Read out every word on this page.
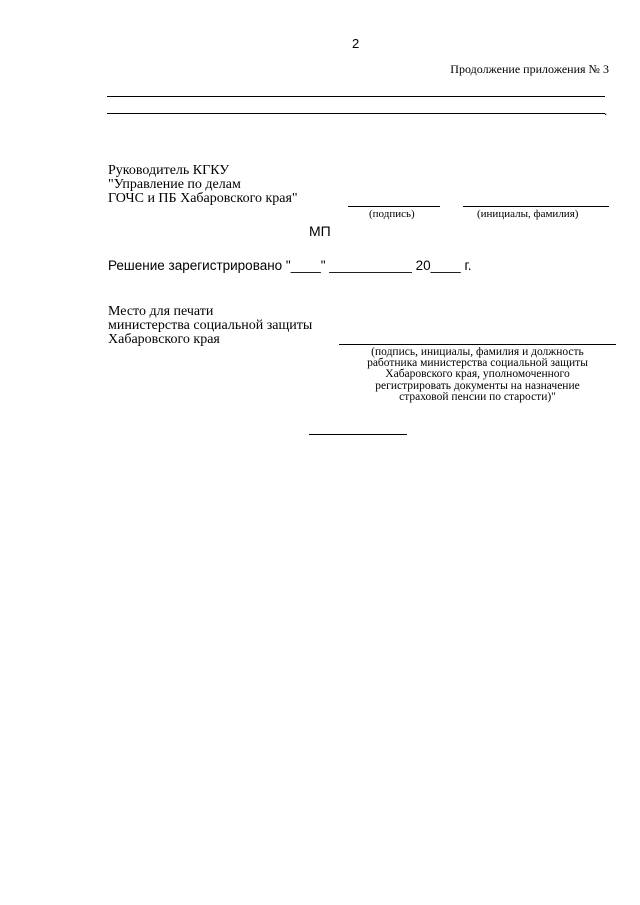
2
Продолжение приложения № 3
.
Руководитель КГКУ
"Управление по делам
ГОЧС и ПБ Хабаровского края"
(подпись)	(инициалы, фамилия)
МП
Решение зарегистрировано "____" ___________ 20____ г.
Место для печати
министерства социальной защиты
Хабаровского края
(подпись, инициалы, фамилия и должность
работника министерства социальной защиты
Хабаровского края, уполномоченного
регистрировать документы на назначение
страховой пенсии по старости)"
